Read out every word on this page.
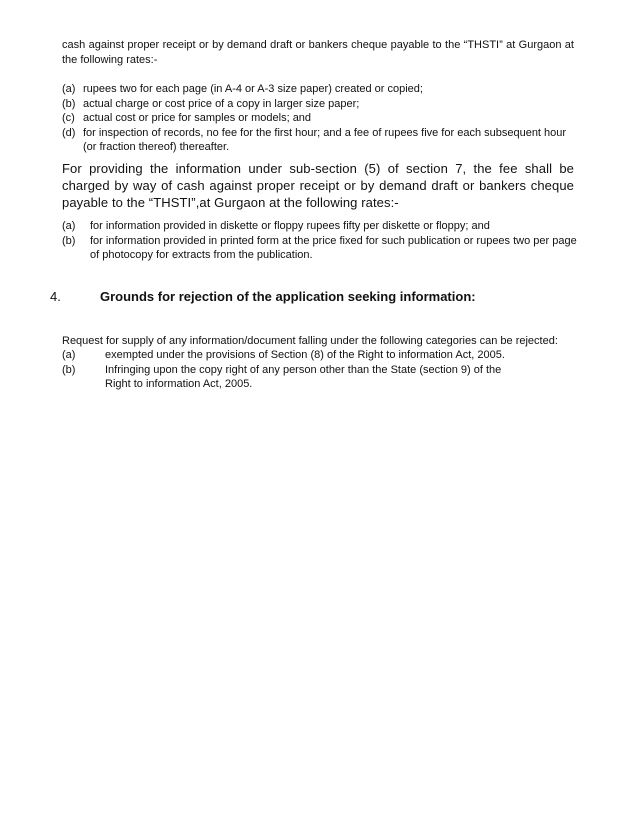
cash against proper receipt or by demand draft or bankers cheque payable to the “THSTI” at Gurgaon at the following rates:-

(a) rupees two for each page (in A-4 or A-3 size paper) created or copied;
(b) actual charge or cost price of a copy in larger size paper;
(c) actual cost or price for samples or models; and
(d) for inspection of records, no fee for the first hour; and a fee of rupees five for each subsequent hour (or fraction thereof) thereafter.

For providing the information under sub-section (5) of section 7, the fee shall be charged by way of cash against proper receipt or by demand draft or bankers cheque payable to the “THSTI”,at Gurgaon at the following rates:-

(a) for information provided in diskette or floppy rupees fifty per diskette or floppy; and
(b) for information provided in printed form at the price fixed for such publication or rupees two per page of photocopy for extracts from the publication.
4.	Grounds for rejection of the application seeking information:

Request for supply of any information/document falling under the following categories can be rejected:

(a)	exempted under the provisions of Section (8) of the Right to information Act, 2005.
(b)	Infringing upon the copy right of any person other than the State (section 9) of the Right to information Act, 2005.
